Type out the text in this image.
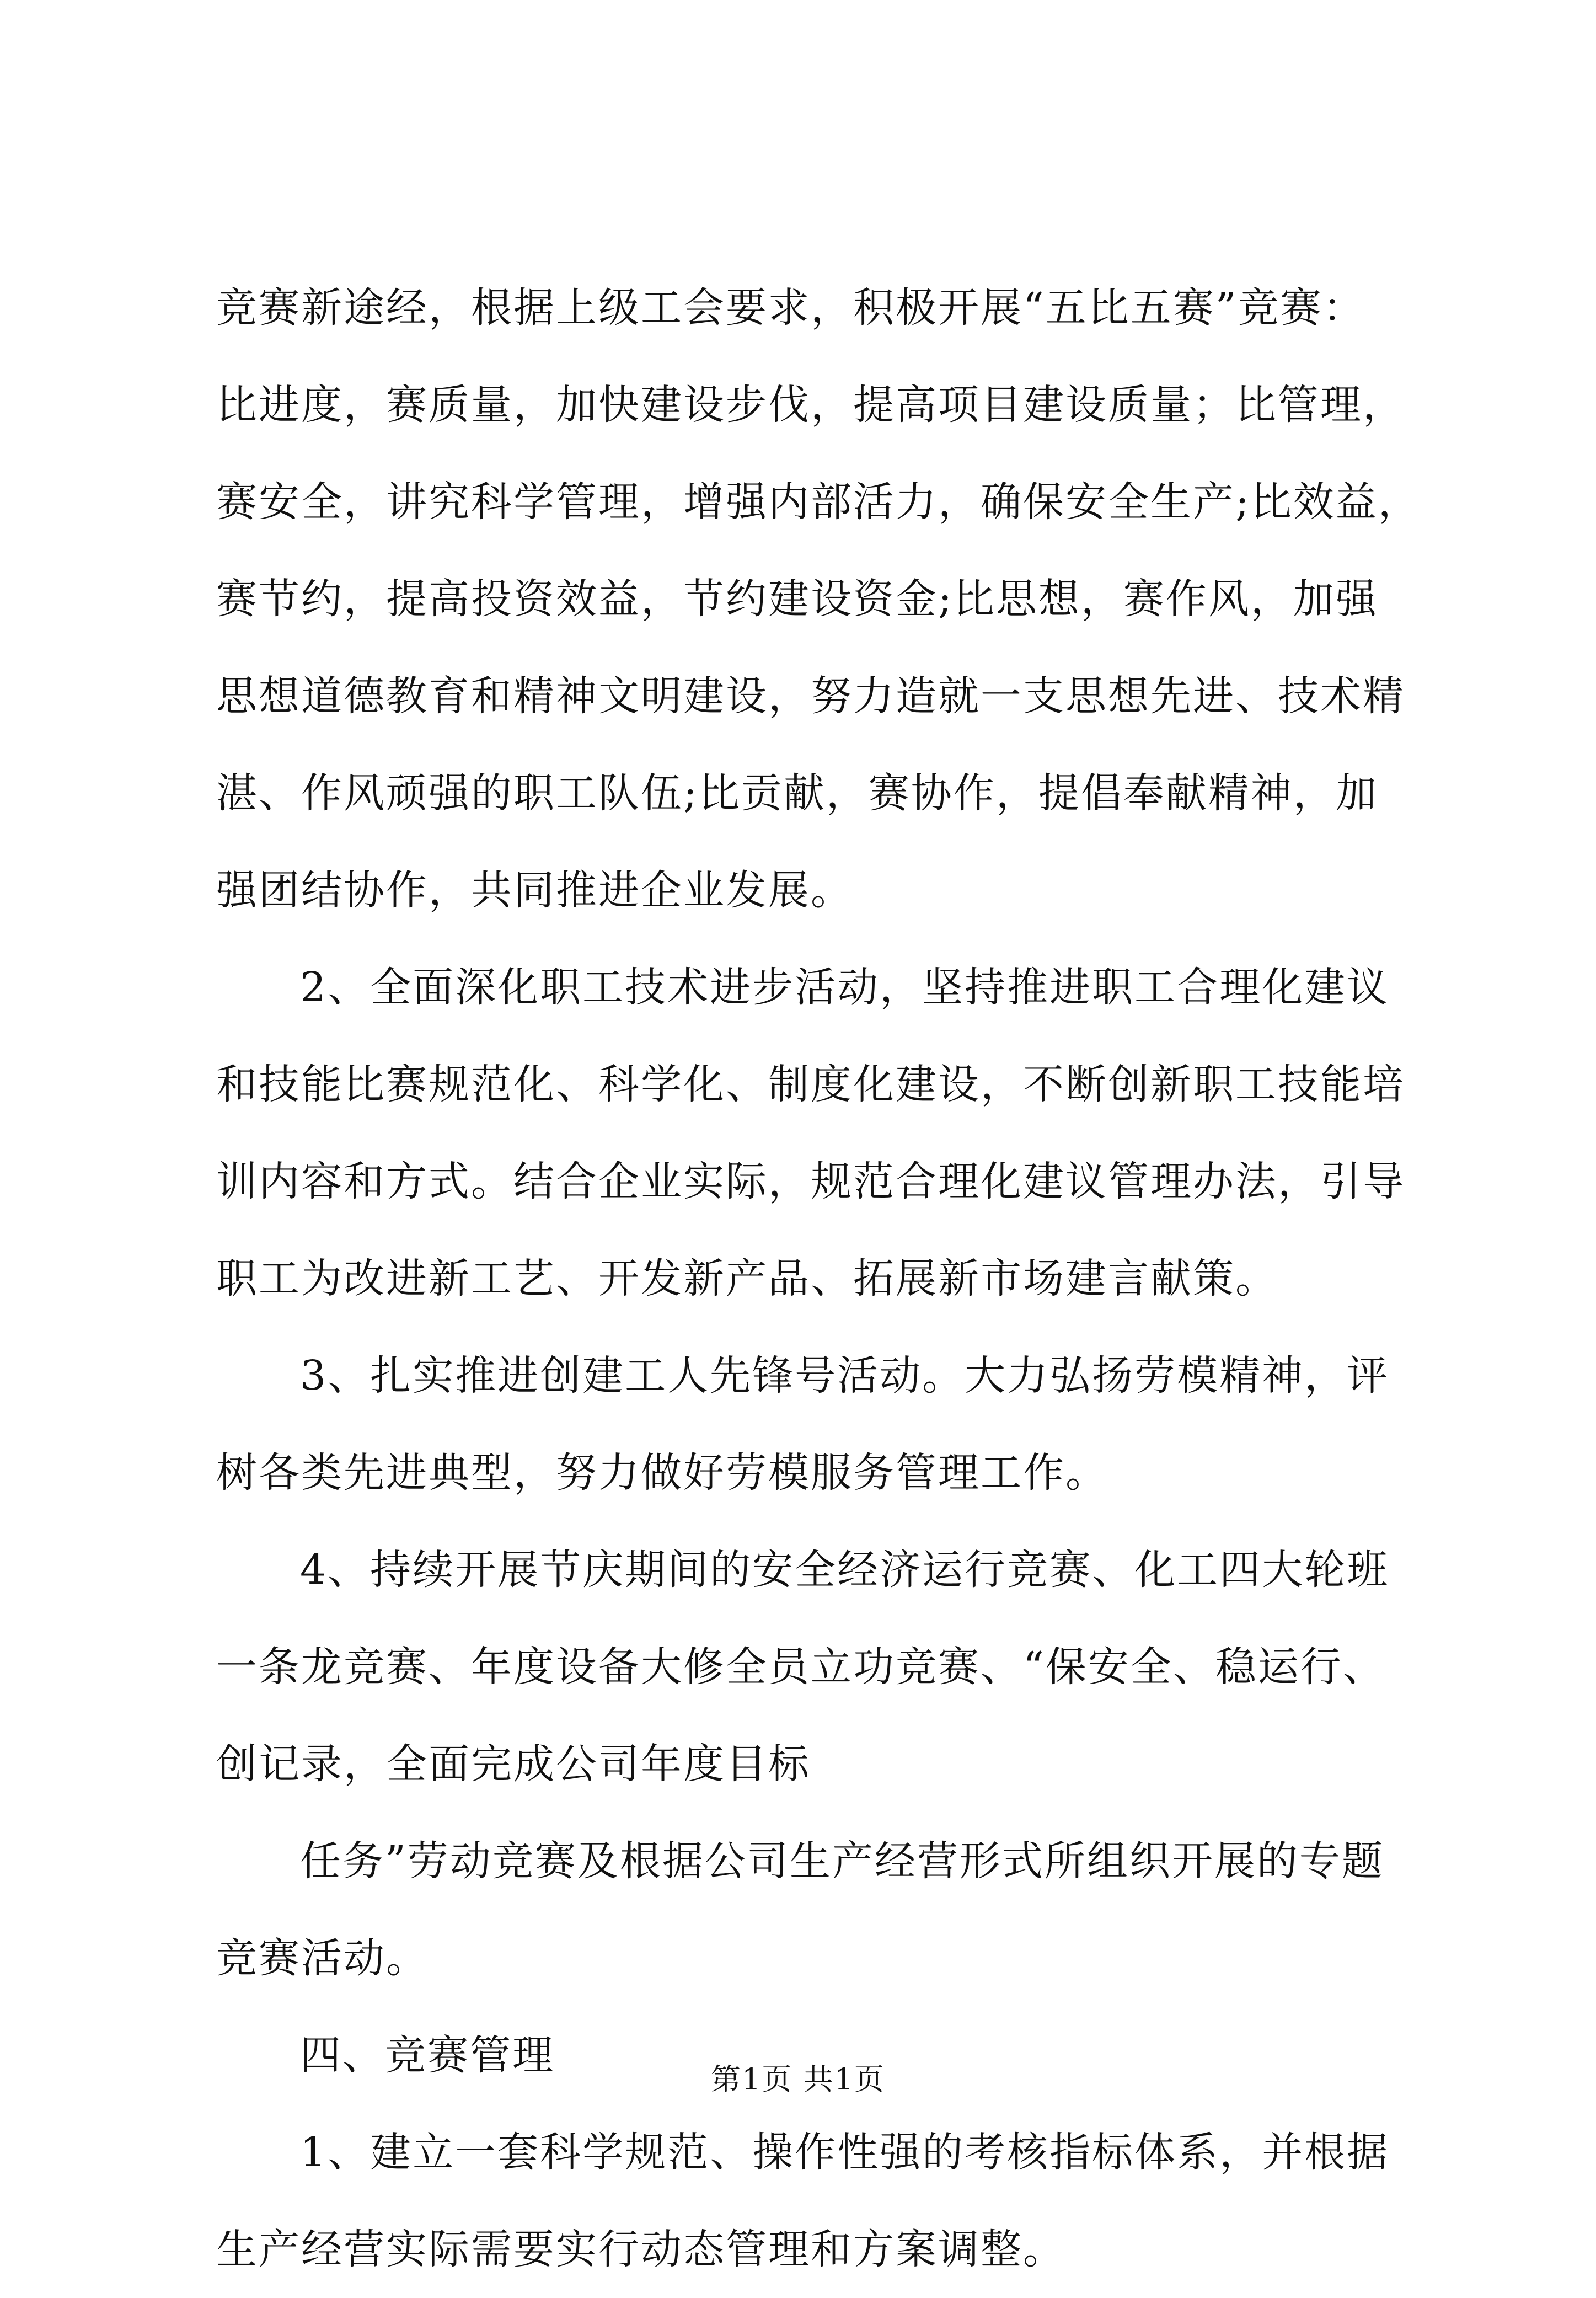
竞赛新途经，根据上级工会要求，积极开展“五比五赛”竞赛：
比进度，赛质量，加快建设步伐，提高项目建设质量；比管理，
赛安全，讲究科学管理，增强内部活力，确保安全生产;比效益，
赛节约，提高投资效益，节约建设资金;比思想，赛作风，加强
思想道德教育和精神文明建设，努力造就一支思想先进、技术精
湛、作风顽强的职工队伍;比贡献，赛协作，提倡奉献精神，加
强团结协作，共同推进企业发展。
2、全面深化职工技术进步活动，坚持推进职工合理化建议
和技能比赛规范化、科学化、制度化建设，不断创新职工技能培
训内容和方式。结合企业实际，规范合理化建议管理办法，引导
职工为改进新工艺、开发新产品、拓展新市场建言献策。
3、扎实推进创建工人先锋号活动。大力弘扬劳模精神，评
树各类先进典型，努力做好劳模服务管理工作。
4、持续开展节庆期间的安全经济运行竞赛、化工四大轮班
一条龙竞赛、年度设备大修全员立功竞赛、“保安全、稳运行、
创记录，全面完成公司年度目标
任务”劳动竞赛及根据公司生产经营形式所组织开展的专题
竞赛活动。
四、竞赛管理
1、建立一套科学规范、操作性强的考核指标体系，并根据
生产经营实际需要实行动态管理和方案调整。
第1页 共1页
